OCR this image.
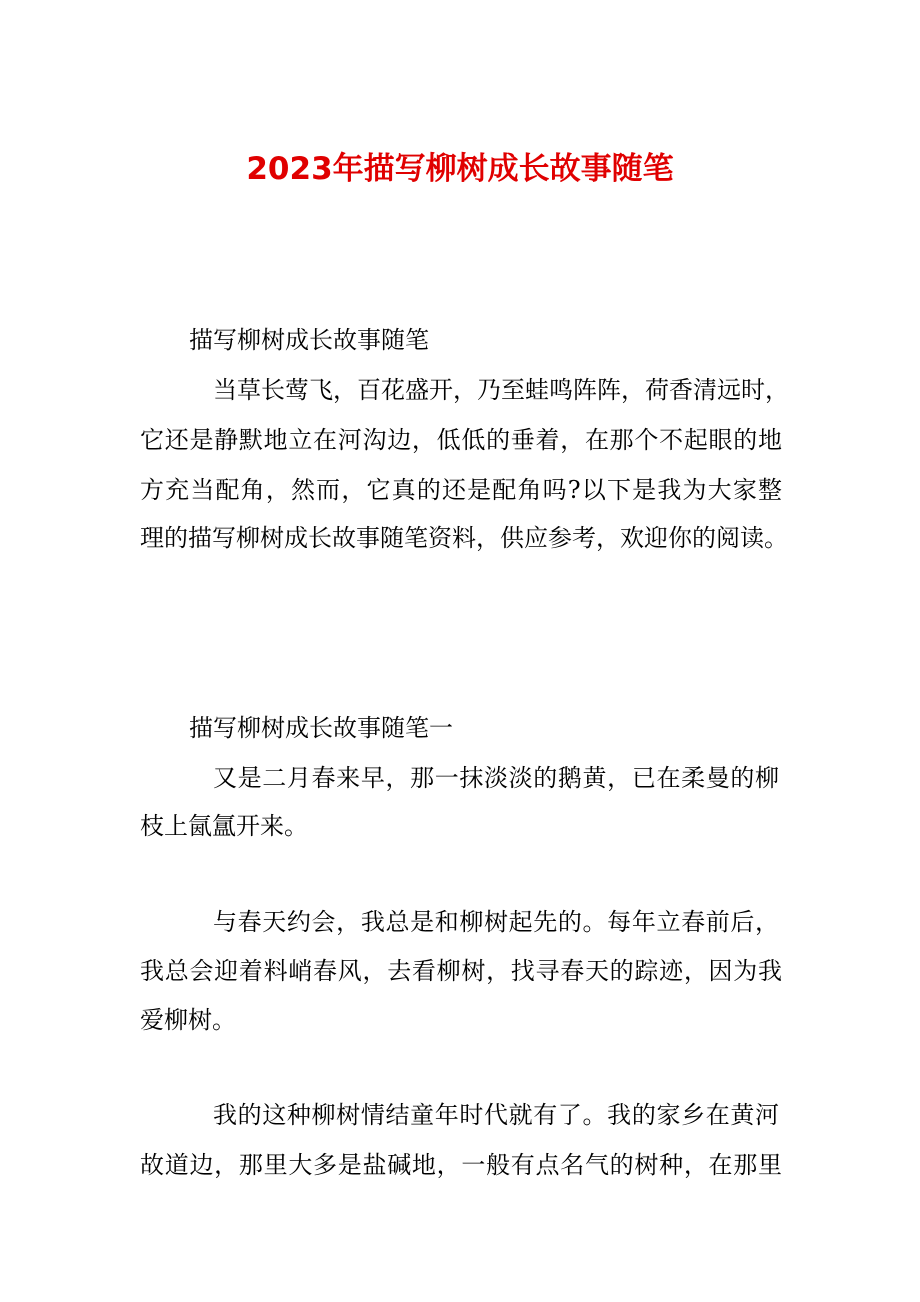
2023年描写柳树成长故事随笔

描写柳树成长故事随笔

当草长莺飞，百花盛开，乃至蛙鸣阵阵，荷香清远时，

它还是静默地立在河沟边，低低的垂着，在那个不起眼的地

方充当配角，然而，它真的还是配角吗?以下是我为大家整

理的描写柳树成长故事随笔资料，供应参考，欢迎你的阅读。

描写柳树成长故事随笔一

又是二月春来早，那一抹淡淡的鹅黄，已在柔曼的柳

枝上氤氲开来。

与春天约会，我总是和柳树起先的。每年立春前后，

我总会迎着料峭春风，去看柳树，找寻春天的踪迹，因为我

爱柳树。

我的这种柳树情结童年时代就有了。我的家乡在黄河

故道边，那里大多是盐碱地，一般有点名气的树种，在那里
